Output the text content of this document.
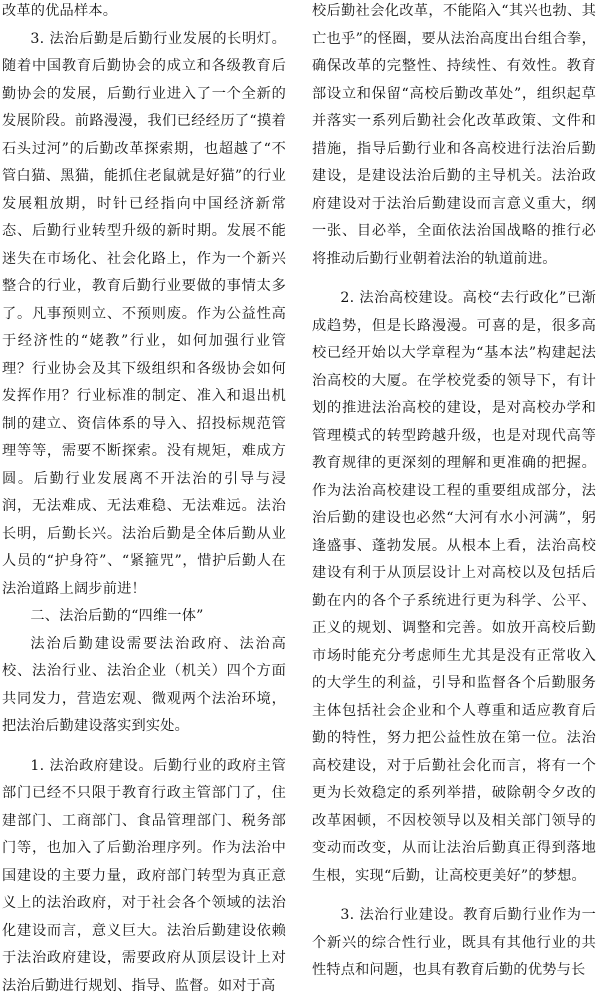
改革的优品样本。

3. 法治后勤是后勤行业发展的长明灯。随着中国教育后勤协会的成立和各级教育后勤协会的发展，后勤行业进入了一个全新的发展阶段。前路漫漫，我们已经经历了“摸着石头过河”的后勤改革探索期，也超越了“不管白猫、黑猫，能抓住老鼠就是好猫”的行业发展粗放期，时针已经指向中国经济新常态、后勤行业转型升级的新时期。发展不能迷失在市场化、社会化路上，作为一个新兴整合的行业，教育后勤行业要做的事情太多了。凡事预则立、不预则废。作为公益性高于经济性的“姥教”行业，如何加强行业管理？行业协会及其下级组织和各级协会如何发挥作用？行业标准的制定、准入和退出机制的建立、资信体系的导入、招投标规范管理等等，需要不断探索。没有规矩，难成方圆。后勤行业发展离不开法治的引导与浸润，无法难成、无法难稳、无法难远。法治长明，后勤长兴。法治后勤是全体后勤从业人员的“护身符”、“紧箍咒”，惜护后勤人在法治道路上阔步前进！

二、法治后勤的“四维一体”

法治后勤建设需要法治政府、法治高校、法治行业、法治企业（机关）四个方面共同发力，营造宏观、微观两个法治环境，把法治后勤建设落实到实处。

1. 法治政府建设。后勤行业的政府主管部门已经不只限于教育行政主管部门了，住建部门、工商部门、食品管理部门、税务部门等，也加入了后勤治理序列。作为法治中国建设的主要力量，政府部门转型为真正意义上的法治政府，对于社会各个领域的法治化建设而言，意义巨大。法治后勤建设依赖于法治政府建设，需要政府从顶层设计上对法治后勤进行规划、指导、监督。如对于高

校后勤社会化改革，不能陷入“其兴也勃、其亡也乎”的怪圈，要从法治高度出台组合拳，确保改革的完整性、持续性、有效性。教育部设立和保留“高校后勤改革处”，组织起草并落实一系列后勤社会化改革政策、文件和措施，指导后勤行业和各高校进行法治后勤建设，是建设法治后勤的主导机关。法治政府建设对于法治后勤建设而言意义重大，纲一张、目必举，全面依法治国战略的推行必将推动后勤行业朝着法治的轨道前进。

2. 法治高校建设。高校“去行政化”已渐成趋势，但是长路漫漫。可喜的是，很多高校已经开始以大学章程为“基本法”构建起法治高校的大厦。在学校党委的领导下，有计划的推进法治高校的建设，是对高校办学和管理模式的转型跨越升级，也是对现代高等教育规律的更深刻的理解和更准确的把握。作为法治高校建设工程的重要组成部分，法治后勤的建设也必然“大河有水小河满”，躬逢盛事、蓬勃发展。从根本上看，法治高校建设有利于从顶层设计上对高校以及包括后勤在内的各个子系统进行更为科学、公平、正义的规划、调整和完善。如放开高校后勤市场时能充分考虑师生尤其是没有正常收入的大学生的利益，引导和监督各个后勤服务主体包括社会企业和个人尊重和适应教育后勤的特性，努力把公益性放在第一位。法治高校建设，对于后勤社会化而言，将有一个更为长效稳定的系列举措，破除朝令夕改的改革困顿，不因校领导以及相关部门领导的变动而改变，从而让法治后勤真正得到落地生根，实现“后勤，让高校更美好”的梦想。

3. 法治行业建设。教育后勤行业作为一个新兴的综合性行业，既具有其他行业的共性特点和问题，也具有教育后勤的优势与长
